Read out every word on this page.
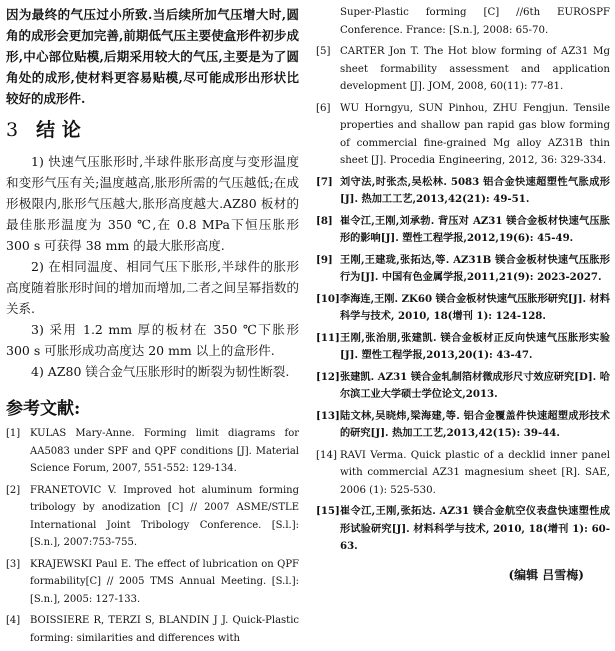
因为最终的气压过小所致.当后续所加气压增大时,圆角的成形会更加完善,前期低气压主要使盒形件初步成形,中心部位贴模,后期采用较大的气压,主要是为了圆角处的成形,使材料更容易贴模,尽可能成形出形状比较好的成形件.

3 结 论

1) 快速气压胀形时,半球件胀形高度与变形温度和变形气压有关;温度越高,胀形所需的气压越低;在成形极限内,胀形气压越大,胀形高度越大.AZ80 板材的最佳胀形温度为 350 ℃,在 0.8 MPa下恒压胀形 300 s 可获得 38 mm 的最大胀形高度.

2) 在相同温度、相同气压下胀形,半球件的胀形高度随着胀形时间的增加而增加,二者之间呈幂指数的关系.

3) 采用 1.2 mm 厚的板材在 350 ℃下胀形 300 s 可胀形成功高度达 20 mm 以上的盒形件.

4) AZ80 镁合金气压胀形时的断裂为韧性断裂.

参考文献:
[1] KULAS Mary-Anne. Forming limit diagrams for AA5083 under SPF and QPF conditions [J]. Material Science Forum, 2007, 551-552: 129-134.
[2] FRANETOVIC V. Improved hot aluminum forming tribology by anodization [C] // 2007 ASME/STLE International Joint Tribology Conference. [S.l.]: [S.n.], 2007:753-755.
[3] KRAJEWSKI Paul E. The effect of lubrication on QPF formability[C] // 2005 TMS Annual Meeting. [S.l.]: [S.n.], 2005: 127-133.
[4] BOISSIERE R, TERZI S, BLANDIN J J. Quick-Plastic forming: similarities and differences with
Super-Plastic forming [C] //6th EUROSPF Conference. France: [S.n.], 2008: 65-70.
[5] CARTER Jon T. The Hot blow forming of AZ31 Mg sheet formability assessment and application development [J]. JOM, 2008, 60(11): 77-81.
[6] WU Horngyu, SUN Pinhou, ZHU Fengjun. Tensile properties and shallow pan rapid gas blow forming of commercial fine-grained Mg alloy AZ31B thin sheet [J]. Procedia Engineering, 2012, 36: 329-334.
[7] 刘守法,时张杰,吴松林. 5083 铝合金快速超塑性气胀成形[J]. 热加工工艺,2013,42(21): 49-51.
[8] 崔令江,王刚,刘承勃. 背压对 AZ31 镁合金板材快速气压胀形的影响[J]. 塑性工程学报,2012,19(6): 45-49.
[9] 王刚,王建珑,张拓达,等. AZ31B 镁合金板材快速气压胀形行为[J]. 中国有色金属学报,2011,21(9): 2023-2027.
[10] 李海连,王刚. ZK60 镁合金板材快速气压胀形研究[J]. 材料科学与技术, 2010, 18(增刊 1): 124-128.
[11] 王刚,张治朋,张建凯. 镁合金板材正反向快速气压胀形实验[J]. 塑性工程学报,2013,20(1): 43-47.
[12] 张建凯. AZ31 镁合金轧制箔材微成形尺寸效应研究[D]. 哈尔滨工业大学硕士学位论文,2013.
[13] 陆文林,吴晓炜,梁海建,等. 铝合金覆盖件快速超塑成形技术的研究[J]. 热加工工艺,2013,42(15): 39-44.
[14] RAVI Verma. Quick plastic of a decklid inner panel with commercial AZ31 magnesium sheet [R]. SAE, 2006 (1): 525-530.
[15] 崔令江,王刚,张拓达. AZ31 镁合金航空仪表盘快速塑性成形试验研究[J]. 材料科学与技术, 2010, 18(增刊 1): 60-63.
(编辑 吕雪梅)
